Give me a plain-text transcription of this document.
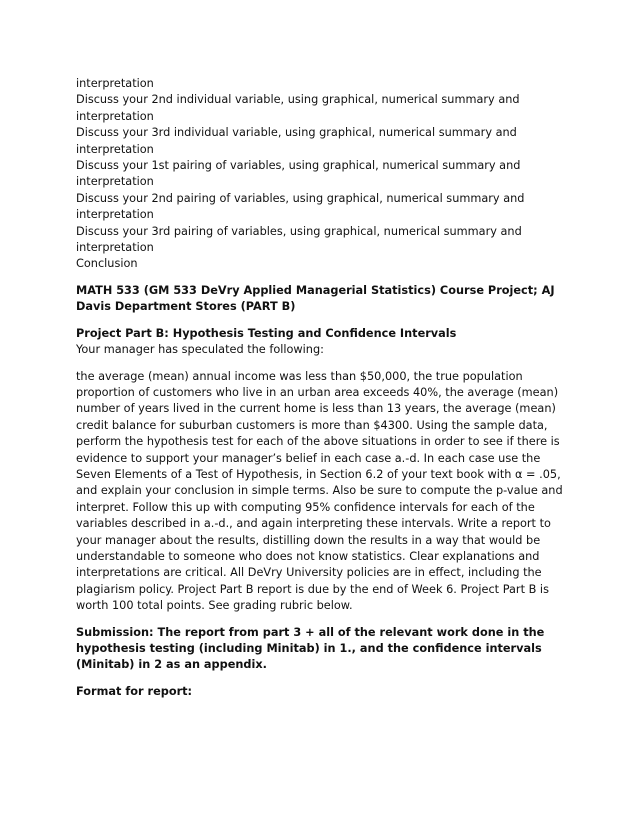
interpretation
Discuss your 2nd individual variable, using graphical, numerical summary and
interpretation
Discuss your 3rd individual variable, using graphical, numerical summary and
interpretation
Discuss your 1st pairing of variables, using graphical, numerical summary and
interpretation
Discuss your 2nd pairing of variables, using graphical, numerical summary and
interpretation
Discuss your 3rd pairing of variables, using graphical, numerical summary and
interpretation
Conclusion
MATH 533 (GM 533 DeVry Applied Managerial Statistics) Course Project; AJ
Davis Department Stores (PART B)
Project Part B: Hypothesis Testing and Confidence Intervals
Your manager has speculated the following:
the average (mean) annual income was less than $50,000, the true population
proportion of customers who live in an urban area exceeds 40%, the average (mean)
number of years lived in the current home is less than 13 years, the average (mean)
credit balance for suburban customers is more than $4300. Using the sample data,
perform the hypothesis test for each of the above situations in order to see if there is
evidence to support your manager’s belief in each case a.-d. In each case use the
Seven Elements of a Test of Hypothesis, in Section 6.2 of your text book with α = .05,
and explain your conclusion in simple terms. Also be sure to compute the p-value and
interpret. Follow this up with computing 95% confidence intervals for each of the
variables described in a.-d., and again interpreting these intervals. Write a report to
your manager about the results, distilling down the results in a way that would be
understandable to someone who does not know statistics. Clear explanations and
interpretations are critical. All DeVry University policies are in effect, including the
plagiarism policy. Project Part B report is due by the end of Week 6. Project Part B is
worth 100 total points. See grading rubric below.
Submission: The report from part 3 + all of the relevant work done in the
hypothesis testing (including Minitab) in 1., and the confidence intervals
(Minitab) in 2 as an appendix.
Format for report:
